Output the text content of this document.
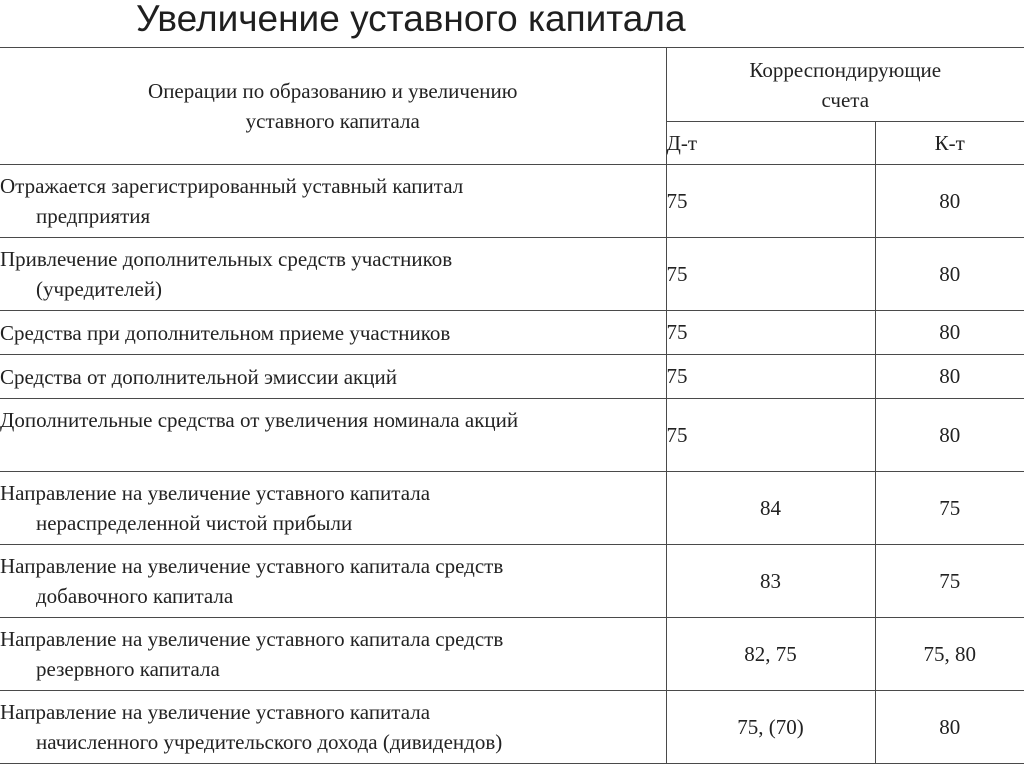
Увеличение уставного капитала
Операции по образованию и увеличению
уставного капитала	Корреспондирующие
счета	

	Д-т	К-т

Отражается зарегистрированный уставный капитал
предприятия	75	80

Привлечение дополнительных средств участников
(учредителей)	75	80

Средства при дополнительном приеме участников	75	80

Средства от дополнительной эмиссии акций	75	80

Дополнительные средства от увеличения номинала акций	75	80

Направление на увеличение уставного капитала
нераспределенной чистой прибыли	84	75

Направление на увеличение уставного капитала средств
добавочного капитала	83	75

Направление на увеличение уставного капитала средств
резервного капитала	82, 75	75, 80

Направление на увеличение уставного капитала
начисленного учредительского дохода (дивидендов)	75, (70)	80
